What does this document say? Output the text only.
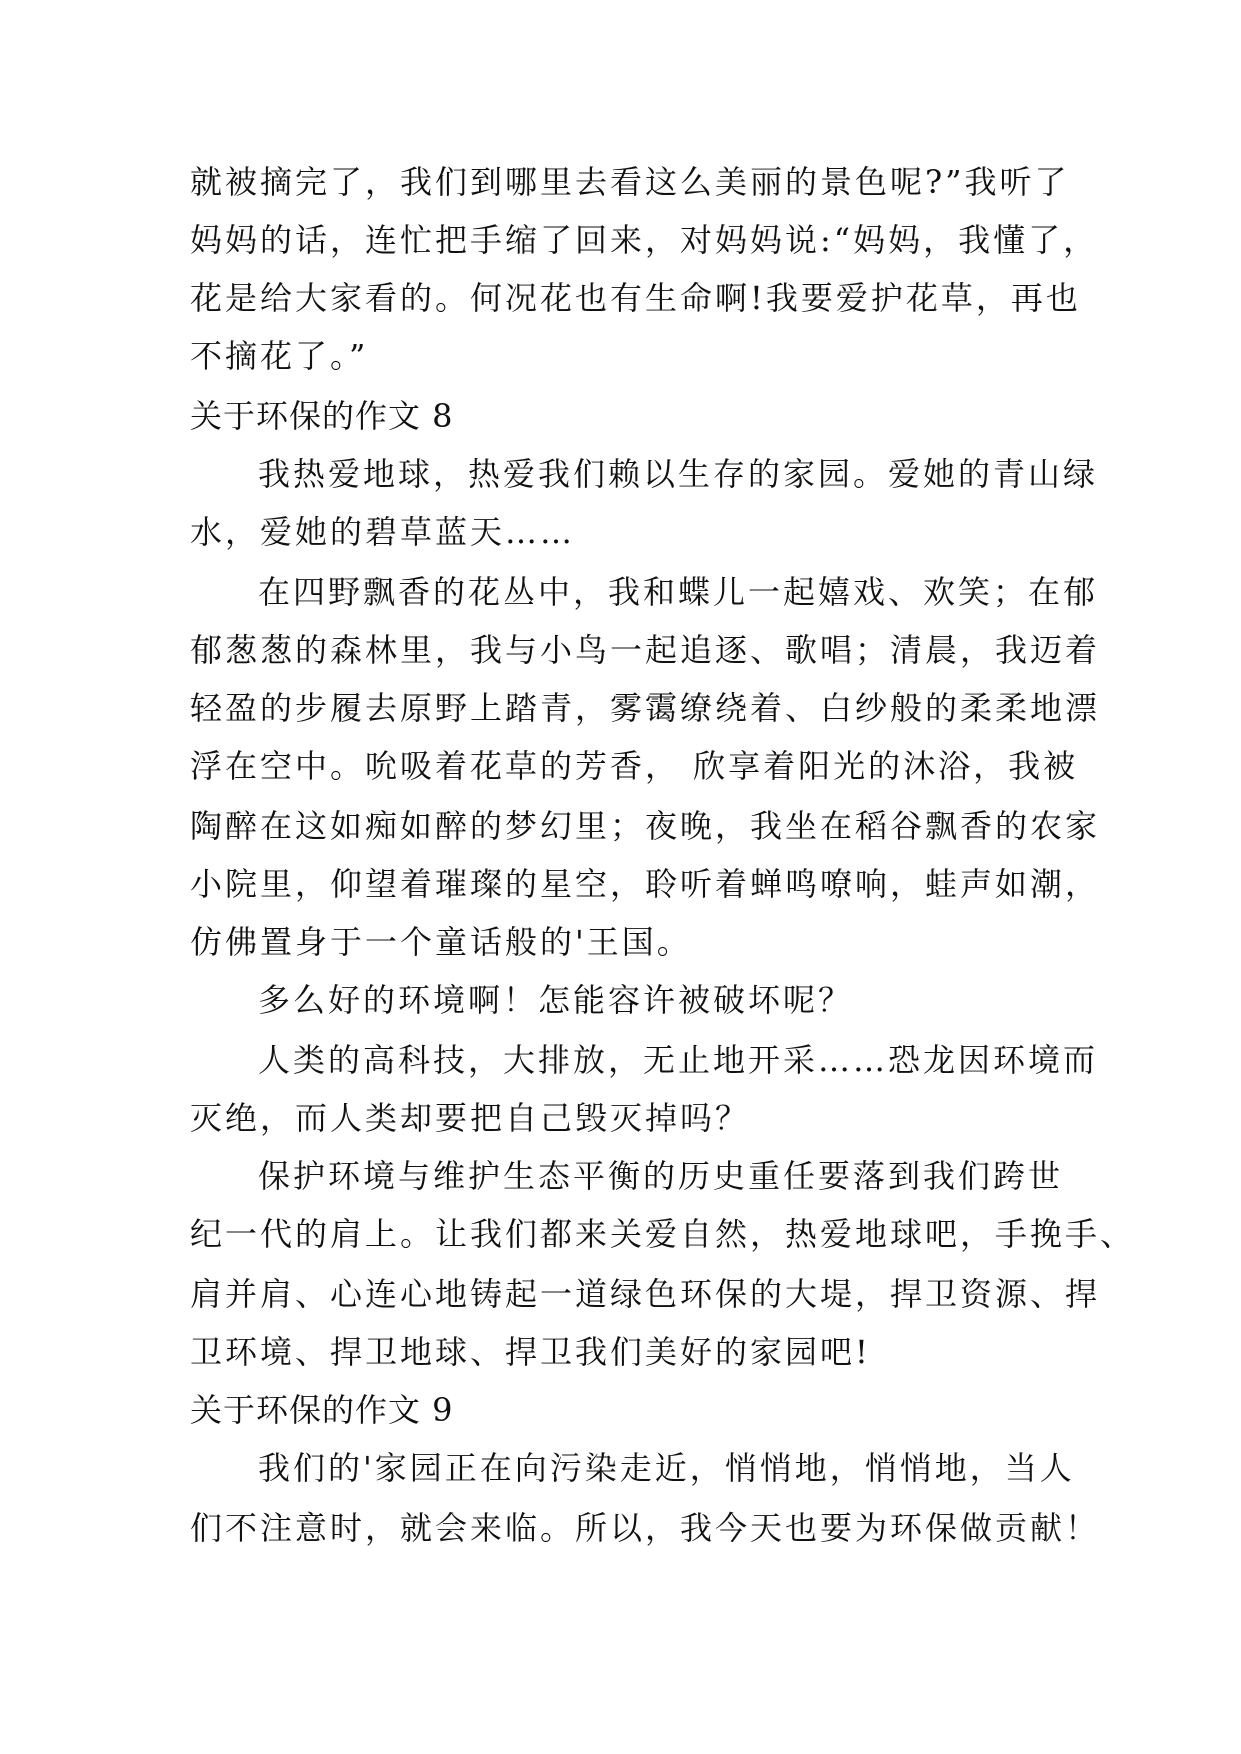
就被摘完了，我们到哪里去看这么美丽的景色呢?”我听了
妈妈的话，连忙把手缩了回来，对妈妈说:“妈妈，我懂了，
花是给大家看的。何况花也有生命啊!我要爱护花草，再也
不摘花了。”
关于环保的作文 8
我热爱地球，热爱我们赖以生存的家园。爱她的青山绿
水，爱她的碧草蓝天……
在四野飘香的花丛中，我和蝶儿一起嬉戏、欢笑；在郁
郁葱葱的森林里，我与小鸟一起追逐、歌唱；清晨，我迈着
轻盈的步履去原野上踏青，雾霭缭绕着、白纱般的柔柔地漂
浮在空中。吮吸着花草的芳香， 欣享着阳光的沐浴，我被
陶醉在这如痴如醉的梦幻里；夜晚，我坐在稻谷飘香的农家
小院里，仰望着璀璨的星空，聆听着蝉鸣嘹响，蛙声如潮，
仿佛置身于一个童话般的'王国。
多么好的环境啊！怎能容许被破坏呢？
人类的高科技，大排放，无止地开采……恐龙因环境而
灭绝，而人类却要把自己毁灭掉吗？
保护环境与维护生态平衡的历史重任要落到我们跨世
纪一代的肩上。让我们都来关爱自然，热爱地球吧，手挽手、
肩并肩、心连心地铸起一道绿色环保的大堤，捍卫资源、捍
卫环境、捍卫地球、捍卫我们美好的家园吧!
关于环保的作文 9
我们的'家园正在向污染走近，悄悄地，悄悄地，当人
们不注意时，就会来临。所以，我今天也要为环保做贡献！
